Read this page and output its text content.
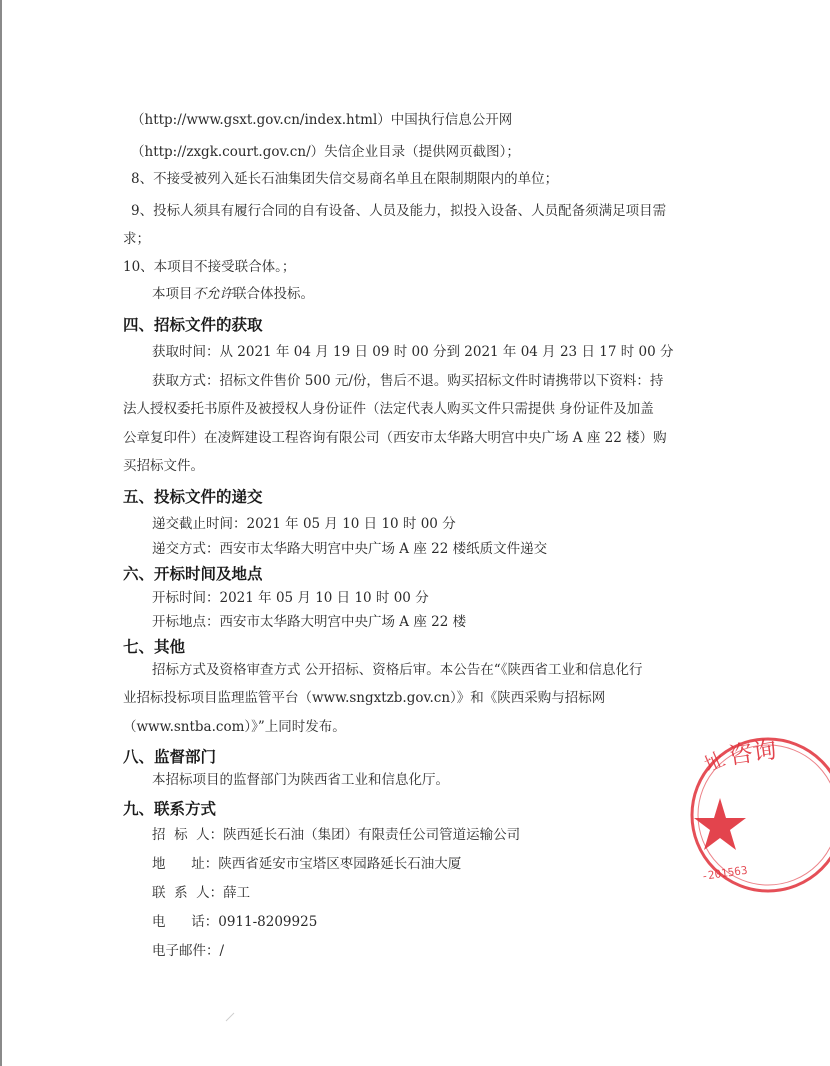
（http://www.gsxt.gov.cn/index.html）中国执行信息公开网
（http://zxgk.court.gov.cn/）失信企业目录（提供网页截图）；
8、不接受被列入延长石油集团失信交易商名单且在限制期限内的单位；
9、投标人须具有履行合同的自有设备、人员及能力，拟投入设备、人员配备须满足项目需
求；
10、本项目不接受联合体。；
本项目不允许联合体投标。
四、招标文件的获取
获取时间：从 2021 年 04 月 19 日 09 时 00 分到 2021 年 04 月 23 日 17 时 00 分
获取方式：招标文件售价 500 元/份，售后不退。购买招标文件时请携带以下资料：持
法人授权委托书原件及被授权人身份证件（法定代表人购买文件只需提供 身份证件及加盖
公章复印件）在凌辉建设工程咨询有限公司（西安市太华路大明宫中央广场 A 座 22 楼）购
买招标文件。
五、投标文件的递交
递交截止时间：2021 年 05 月 10 日 10 时 00 分
递交方式：西安市太华路大明宫中央广场 A 座 22 楼纸质文件递交
六、开标时间及地点
开标时间：2021 年 05 月 10 日 10 时 00 分
开标地点：西安市太华路大明宫中央广场 A 座 22 楼
七、其他
招标方式及资格审查方式 公开招标、资格后审。本公告在“《陕西省工业和信息化行
业招标投标项目监理监管平台（www.sngxtzb.gov.cn）》和《陕西采购与招标网
（www.sntba.com）》”上同时发布。
八、监督部门
本招标项目的监督部门为陕西省工业和信息化厅。
九、联系方式
招  标  人：陕西延长石油（集团）有限责任公司管道运输公司
地      址：陕西省延安市宝塔区枣园路延长石油大厦
联  系  人：薛工
电      话：0911-8209925
电子邮件：/
址
咨询
-201563
